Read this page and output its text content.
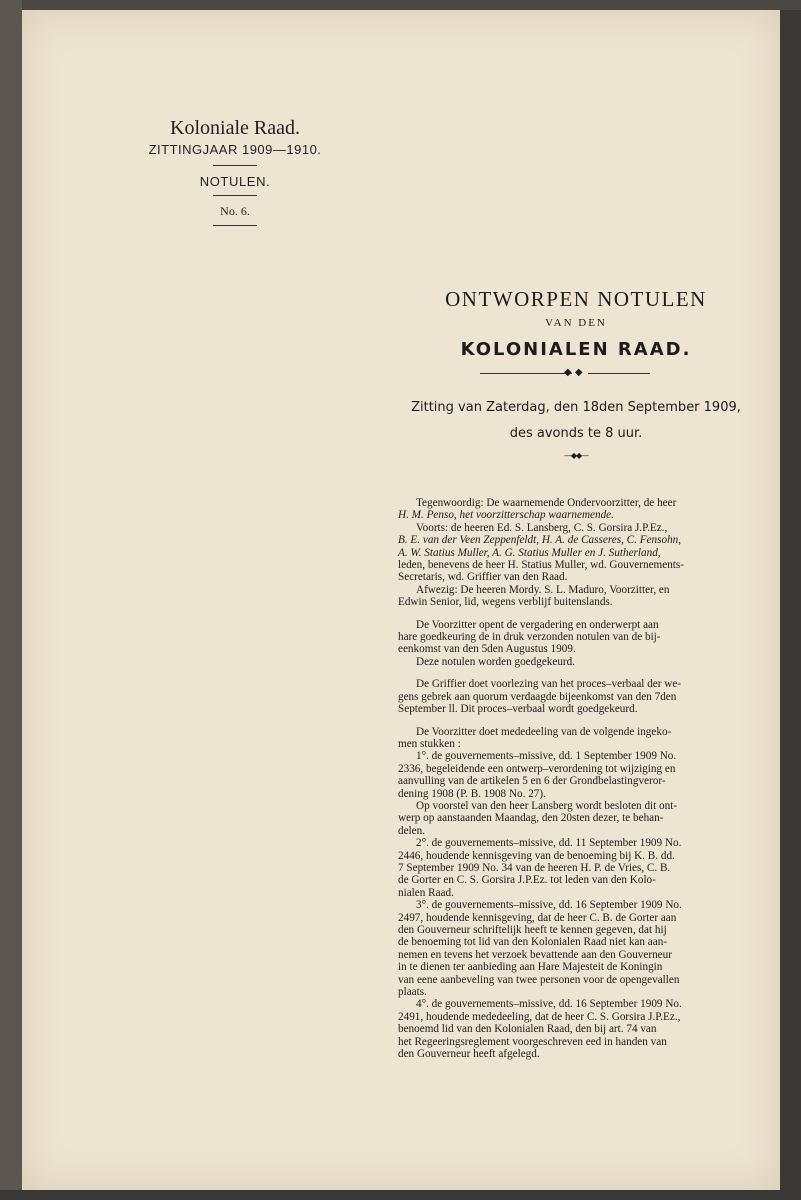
Koloniale Raad.
ZITTINGJAAR 1909—1910.
NOTULEN.
No. 6.
ONTWORPEN NOTULEN
VAN DEN
KOLONIALEN RAAD.
◆ ◆
Zitting van Zaterdag, den 18den September 1909,
des avonds te 8 uur.
—◆◆—

Tegenwoordig: De waarnemende Ondervoorzitter, de heer

H. M. Penso, het voorzitterschap waarnemende.

Voorts: de heeren Ed. S. Lansberg, C. S. Gorsira J.P.Ez.,

B. E. van der Veen Zeppenfeldt, H. A. de Casseres, C. Fensohn,
A. W. Statius Muller, A. G. Statius Muller en J. Sutherland,
leden, benevens de heer H. Statius Muller, wd. Gouvernements-
Secretaris, wd. Griffier van den Raad.

Afwezig: De heeren Mordy. S. L. Maduro, Voorzitter, en

Edwin Senior, lid, wegens verblijf buitenslands.

De Voorzitter opent de vergadering en onderwerpt aan

hare goedkeuring de in druk verzonden notulen van de bij-
eenkomst van den 5den Augustus 1909.

Deze notulen worden goedgekeurd.

De Griffier doet voorlezing van het proces–verbaal der we-

gens gebrek aan quorum verdaagde bijeenkomst van den 7den
September ll. Dit proces–verbaal wordt goedgekeurd.

De Voorzitter doet mededeeling van de volgende ingeko-

men stukken :

1°. de gouvernements–missive, dd. 1 September 1909 No.

2336, begeleidende een ontwerp–verordening tot wijziging en
aanvulling van de artikelen 5 en 6 der Grondbelastingveror-
dening 1908 (P. B. 1908 No. 27).

Op voorstel van den heer Lansberg wordt besloten dit ont-

werp op aanstaanden Maandag, den 20sten dezer, te behan-
delen.

2°. de gouvernements–missive, dd. 11 September 1909 No.

2446, houdende kennisgeving van de benoeming bij K. B. dd.
7 September 1909 No. 34 van de heeren H. P. de Vries, C. B.
de Gorter en C. S. Gorsira J.P.Ez. tot leden van den Kolo-
nialen Raad.

3°. de gouvernements–missive, dd. 16 September 1909 No.

2497, houdende kennisgeving, dat de heer C. B. de Gorter aan
den Gouverneur schriftelijk heeft te kennen gegeven, dat hij
de benoeming tot lid van den Kolonialen Raad niet kan aan-
nemen en tevens het verzoek bevattende aan den Gouverneur
in te dienen ter aanbieding aan Hare Majesteit de Koningin
van eene aanbeveling van twee personen voor de opengevallen
plaats.

4°. de gouvernements–missive, dd. 16 September 1909 No.

2491, houdende mededeeling, dat de heer C. S. Gorsira J.P.Ez.,
benoemd lid van den Kolonialen Raad, den bij art. 74 van
het Regeeringsreglement voorgeschreven eed in handen van
den Gouverneur heeft afgelegd.
